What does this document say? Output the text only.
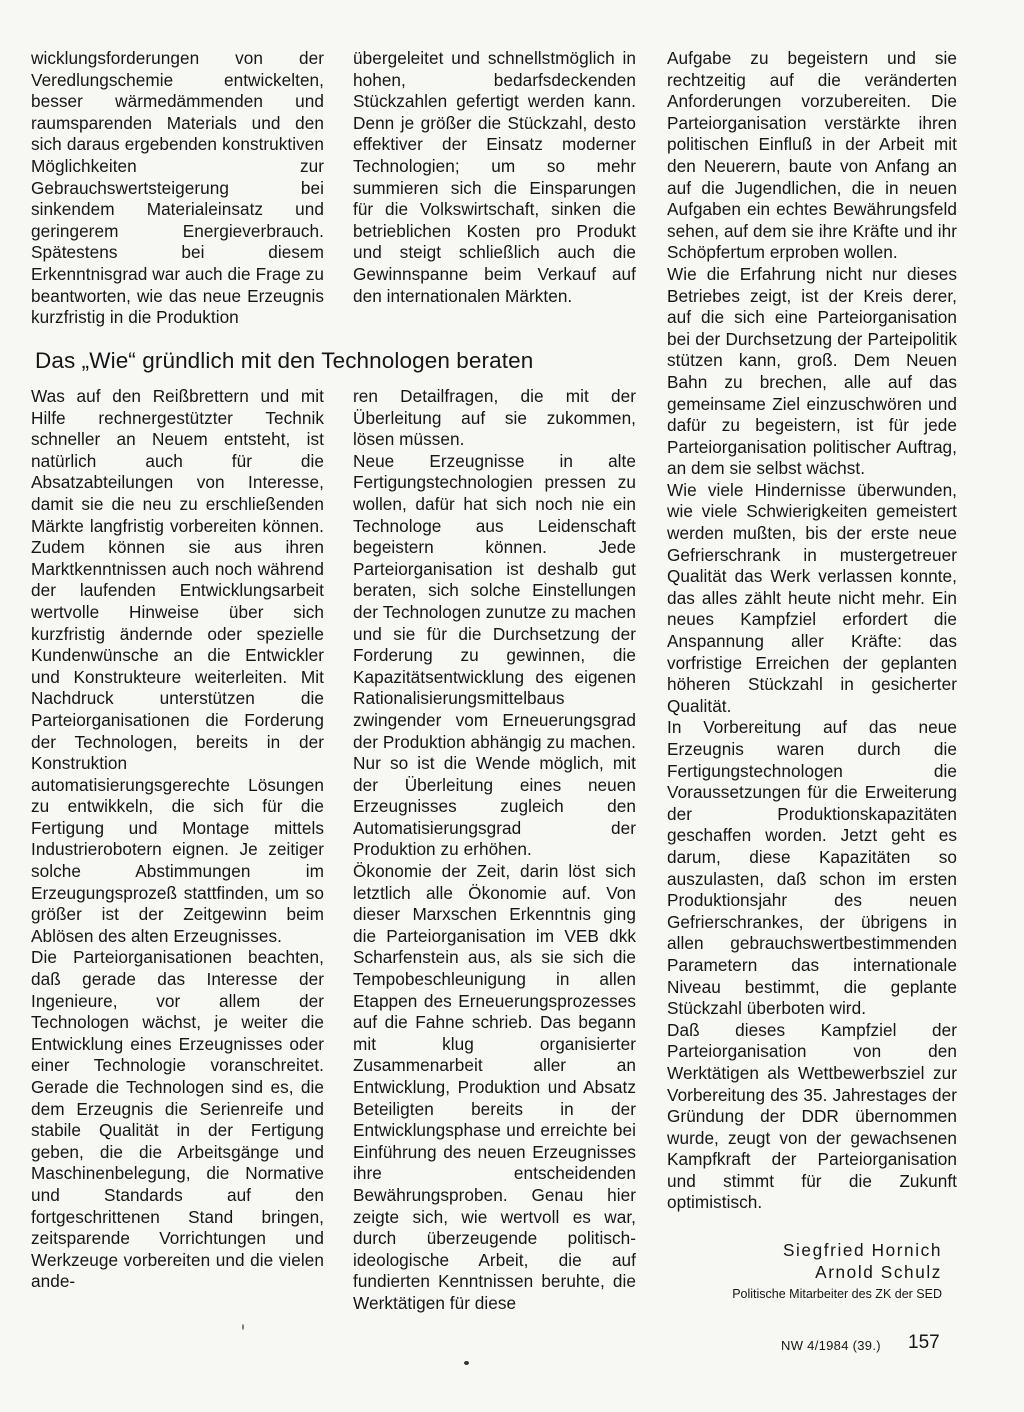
wicklungsforderungen von der Veredlungschemie entwickelten, besser wärmedämmenden und raumsparenden Materials und den sich daraus ergebenden konstruktiven Möglichkeiten zur Gebrauchswertsteigerung bei sinkendem Materialeinsatz und geringerem Energieverbrauch. Spätestens bei diesem Erkenntnisgrad war auch die Frage zu beantworten, wie das neue Erzeugnis kurzfristig in die Produktion

übergeleitet und schnellstmöglich in hohen, bedarfsdeckenden Stückzahlen gefertigt werden kann. Denn je größer die Stückzahl, desto effektiver der Einsatz moderner Technologien; um so mehr summieren sich die Einsparungen für die Volkswirtschaft, sinken die betrieblichen Kosten pro Produkt und steigt schließlich auch die Gewinnspanne beim Verkauf auf den internationalen Märkten.

Das „Wie“ gründlich mit den Technologen beraten

Was auf den Reißbrettern und mit Hilfe rechnergestützter Technik schneller an Neuem entsteht, ist natürlich auch für die Absatzabteilungen von Interesse, damit sie die neu zu erschließenden Märkte langfristig vorbereiten können. Zudem können sie aus ihren Marktkenntnissen auch noch während der laufenden Entwicklungsarbeit wertvolle Hinweise über sich kurzfristig ändernde oder spezielle Kundenwünsche an die Entwickler und Konstrukteure weiterleiten. Mit Nachdruck unterstützen die Parteiorganisationen die Forderung der Technologen, bereits in der Konstruktion automatisierungsgerechte Lösungen zu entwikkeln, die sich für die Fertigung und Montage mittels Industrierobotern eignen. Je zeitiger solche Abstimmungen im Erzeugungsprozeß stattfinden, um so größer ist der Zeitgewinn beim Ablösen des alten Erzeugnisses.

Die Parteiorganisationen beachten, daß gerade das Interesse der Ingenieure, vor allem der Technologen wächst, je weiter die Entwicklung eines Erzeugnisses oder einer Technologie voranschreitet. Gerade die Technologen sind es, die dem Erzeugnis die Serienreife und stabile Qualität in der Fertigung geben, die die Arbeitsgänge und Maschinenbelegung, die Normative und Standards auf den fortgeschrittenen Stand bringen, zeitsparende Vorrichtungen und Werkzeuge vorbereiten und die vielen ande-

ren Detailfragen, die mit der Überleitung auf sie zukommen, lösen müssen.

Neue Erzeugnisse in alte Fertigungstechnologien pressen zu wollen, dafür hat sich noch nie ein Technologe aus Leidenschaft begeistern können. Jede Parteiorganisation ist deshalb gut beraten, sich solche Einstellungen der Technologen zunutze zu machen und sie für die Durchsetzung der Forderung zu gewinnen, die Kapazitätsentwicklung des eigenen Rationalisierungsmittelbaus zwingender vom Erneuerungsgrad der Produktion abhängig zu machen. Nur so ist die Wende möglich, mit der Überleitung eines neuen Erzeugnisses zugleich den Automatisierungsgrad der Produktion zu erhöhen.

Ökonomie der Zeit, darin löst sich letztlich alle Ökonomie auf. Von dieser Marxschen Erkenntnis ging die Parteiorganisation im VEB dkk Scharfenstein aus, als sie sich die Tempobeschleunigung in allen Etappen des Erneuerungsprozesses auf die Fahne schrieb. Das begann mit klug organisierter Zusammenarbeit aller an Entwicklung, Produktion und Absatz Beteiligten bereits in der Entwicklungsphase und erreichte bei Einführung des neuen Erzeugnisses ihre entscheidenden Bewährungsproben. Genau hier zeigte sich, wie wertvoll es war, durch überzeugende politisch-ideologische Arbeit, die auf fundierten Kenntnissen beruhte, die Werktätigen für diese

Aufgabe zu begeistern und sie rechtzeitig auf die veränderten Anforderungen vorzubereiten. Die Parteiorganisation verstärkte ihren politischen Einfluß in der Arbeit mit den Neuerern, baute von Anfang an auf die Jugendlichen, die in neuen Aufgaben ein echtes Bewährungsfeld sehen, auf dem sie ihre Kräfte und ihr Schöpfertum erproben wollen.

Wie die Erfahrung nicht nur dieses Betriebes zeigt, ist der Kreis derer, auf die sich eine Parteiorganisation bei der Durchsetzung der Parteipolitik stützen kann, groß. Dem Neuen Bahn zu brechen, alle auf das gemeinsame Ziel einzuschwören und dafür zu begeistern, ist für jede Parteiorganisation politischer Auftrag, an dem sie selbst wächst.

Wie viele Hindernisse überwunden, wie viele Schwierigkeiten gemeistert werden mußten, bis der erste neue Gefrierschrank in mustergetreuer Qualität das Werk verlassen konnte, das alles zählt heute nicht mehr. Ein neues Kampfziel erfordert die Anspannung aller Kräfte: das vorfristige Erreichen der geplanten höheren Stückzahl in gesicherter Qualität.

In Vorbereitung auf das neue Erzeugnis waren durch die Fertigungstechnologen die Voraussetzungen für die Erweiterung der Produktionskapazitäten geschaffen worden. Jetzt geht es darum, diese Kapazitäten so auszulasten, daß schon im ersten Produktionsjahr des neuen Gefrierschrankes, der übrigens in allen gebrauchswertbestimmenden Parametern das internationale Niveau bestimmt, die geplante Stückzahl überboten wird.

Daß dieses Kampfziel der Parteiorganisation von den Werktätigen als Wettbewerbsziel zur Vorbereitung des 35. Jahrestages der Gründung der DDR übernommen wurde, zeugt von der gewachsenen Kampfkraft der Parteiorganisation und stimmt für die Zukunft optimistisch.

Siegfried Hornich

Arnold Schulz

Politische Mitarbeiter des ZK der SED

NW 4/1984 (39.) 157
